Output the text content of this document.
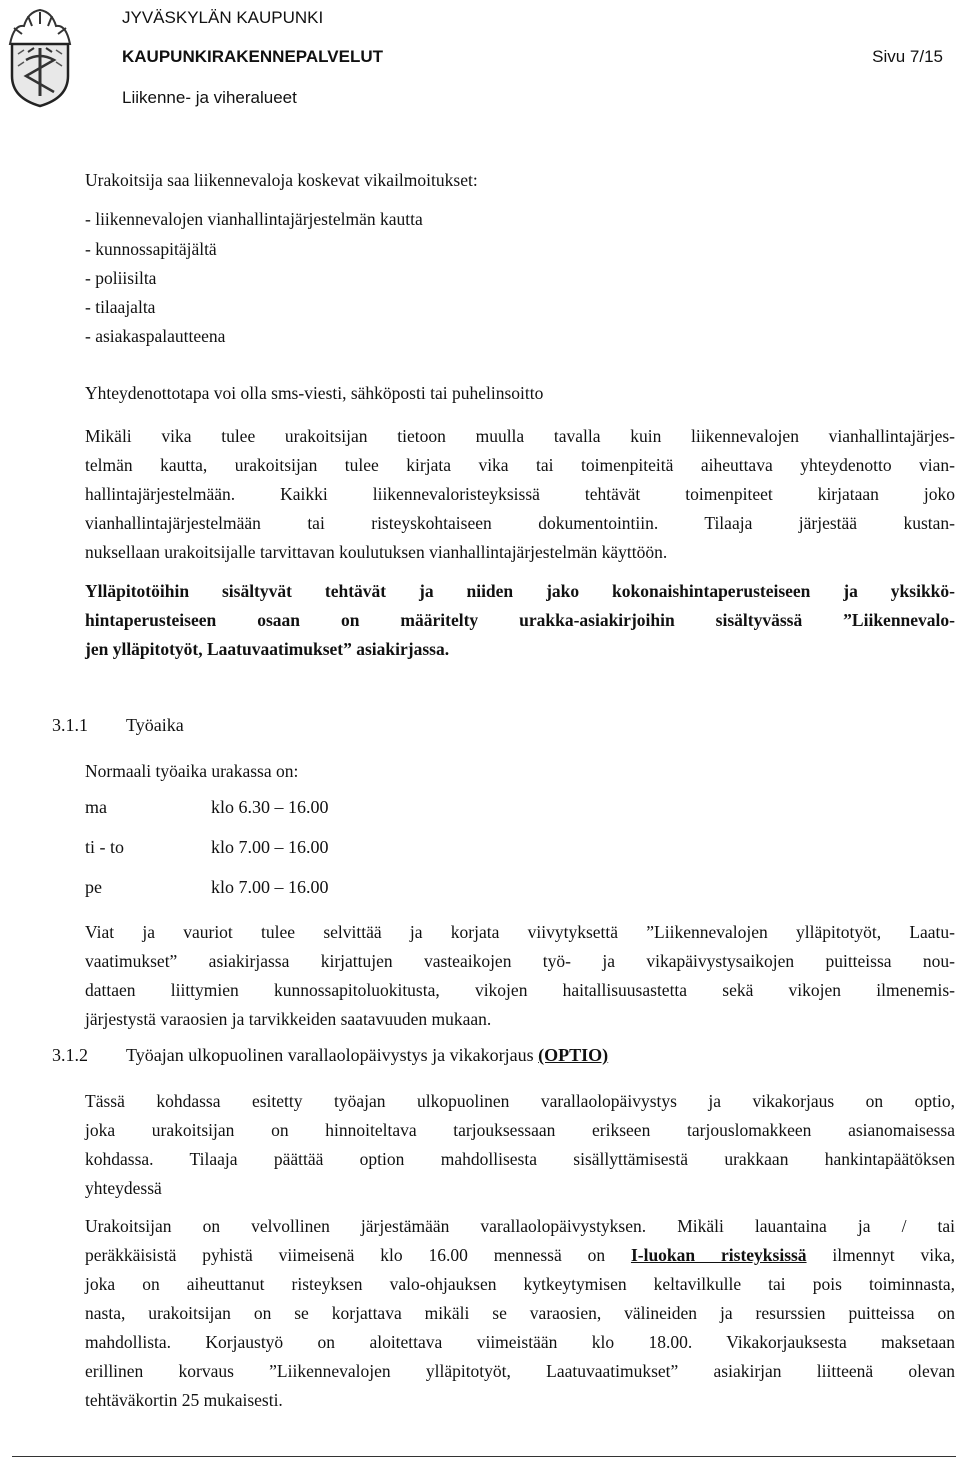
JYVÄSKYLÄN KAUPUNKI
KAUPUNKIRAKENNEPALVELUT
Liikenne- ja viheralueet
Sivu 7/15
Urakoitsija saa liikennevaloja koskevat vikailmoitukset:
- liikennevalojen vianhallintajärjestelmän kautta
- kunnossapitäjältä
- poliisilta
- tilaajalta
- asiakaspalautteena
Yhteydenottotapa voi olla sms-viesti, sähköposti tai puhelinsoitto
Mikäli vika tulee urakoitsijan tietoon muulla tavalla kuin liikennevalojen vianhallintajärjes-
telmän kautta, urakoitsijan tulee kirjata vika tai toimenpiteitä aiheuttava yhteydenotto vian-
hallintajärjestelmään. Kaikki liikennevaloristeyksissä tehtävät toimenpiteet kirjataan joko
vianhallintajärjestelmään tai risteyskohtaiseen dokumentointiin. Tilaaja järjestää kustan-
nuksellaan urakoitsijalle tarvittavan koulutuksen vianhallintajärjestelmän käyttöön.
Ylläpitotöihin sisältyvät tehtävät ja niiden jako kokonaishintaperusteiseen ja yksikkö-
hintaperusteiseen osaan on määritelty urakka-asiakirjoihin sisältyvässä ”Liikennevalo-
jen ylläpitotyöt, Laatuvaatimukset” asiakirjassa.
3.1.1 Työaika
Normaali työaika urakassa on:
ma	klo 6.30 – 16.00
ti - to	klo 7.00 – 16.00
pe	klo 7.00 – 16.00
Viat ja vauriot tulee selvittää ja korjata viivytyksettä ”Liikennevalojen ylläpitotyöt, Laatu-
vaatimukset” asiakirjassa kirjattujen vasteaikojen työ- ja vikapäivystysaikojen puitteissa nou-
dattaen liittymien kunnossapitoluokitusta, vikojen haitallisuusastetta sekä vikojen ilmenemis-
järjestystä varaosien ja tarvikkeiden saatavuuden mukaan.
3.1.2 Työajan ulkopuolinen varallaolopäivystys ja vikakorjaus (OPTIO)
Tässä kohdassa esitetty työajan ulkopuolinen varallaolopäivystys ja vikakorjaus on optio,
joka urakoitsijan on hinnoiteltava tarjouksessaan erikseen tarjouslomakkeen asianomaisessa
kohdassa. Tilaaja päättää option mahdollisesta sisällyttämisestä urakkaan hankintapäätöksen
yhteydessä
Urakoitsijan on velvollinen järjestämään varallaolopäivystyksen. Mikäli lauantaina ja / tai
peräkkäisistä pyhistä viimeisenä klo 16.00 mennessä on I-luokan risteyksissä ilmennyt vika,
joka on aiheuttanut risteyksen valo-ohjauksen kytkeytymisen keltavilkulle tai pois toiminnasta,
nasta, urakoitsijan on se korjattava mikäli se varaosien, välineiden ja resurssien puitteissa on
mahdollista. Korjaustyö on aloitettava viimeistään klo 18.00. Vikakorjauksesta maksetaan
erillinen korvaus ”Liikennevalojen ylläpitotyöt, Laatuvaatimukset” asiakirjan liitteenä olevan
tehtäväkortin 25 mukaisesti.
